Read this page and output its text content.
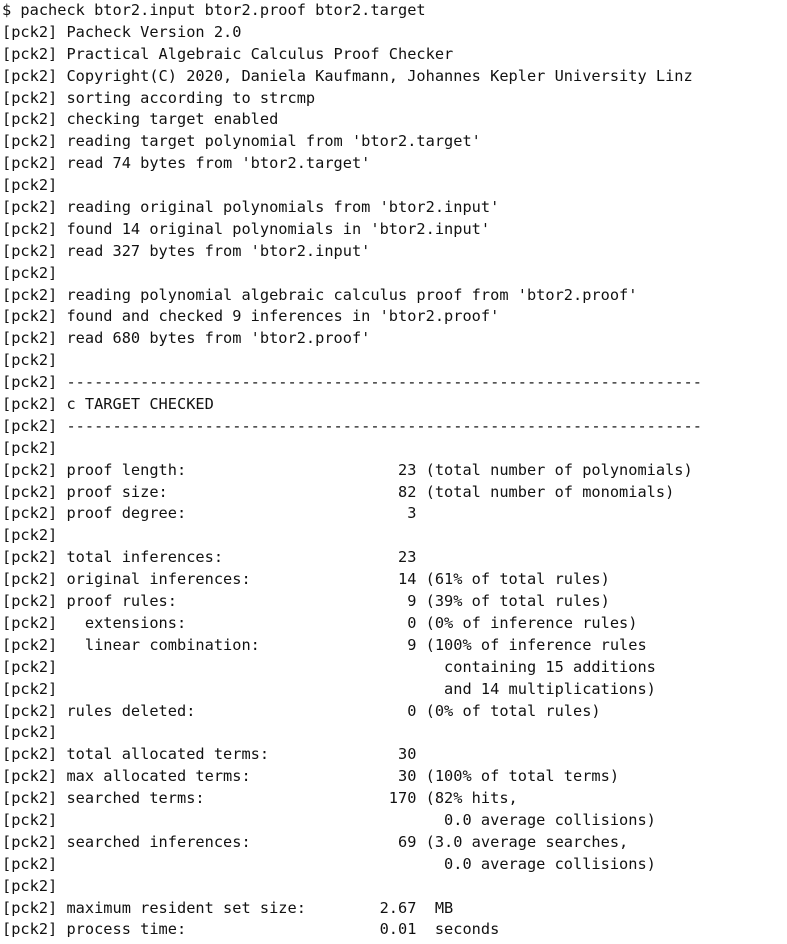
$ pacheck btor2.input btor2.proof btor2.target
[pck2] Pacheck Version 2.0
[pck2] Practical Algebraic Calculus Proof Checker
[pck2] Copyright(C) 2020, Daniela Kaufmann, Johannes Kepler University Linz
[pck2] sorting according to strcmp
[pck2] checking target enabled
[pck2] reading target polynomial from 'btor2.target'
[pck2] read 74 bytes from 'btor2.target'
[pck2]
[pck2] reading original polynomials from 'btor2.input'
[pck2] found 14 original polynomials in 'btor2.input'
[pck2] read 327 bytes from 'btor2.input'
[pck2]
[pck2] reading polynomial algebraic calculus proof from 'btor2.proof'
[pck2] found and checked 9 inferences in 'btor2.proof'
[pck2] read 680 bytes from 'btor2.proof'
[pck2]
[pck2] ---------------------------------------------------------------------
[pck2] c TARGET CHECKED
[pck2] ---------------------------------------------------------------------
[pck2]
[pck2] proof length:                       23 (total number of polynomials)
[pck2] proof size:                         82 (total number of monomials)
[pck2] proof degree:                        3
[pck2]
[pck2] total inferences:                   23
[pck2] original inferences:                14 (61% of total rules)
[pck2] proof rules:                         9 (39% of total rules)
[pck2]   extensions:                        0 (0% of inference rules)
[pck2]   linear combination:                9 (100% of inference rules
[pck2]                                          containing 15 additions
[pck2]                                          and 14 multiplications)
[pck2] rules deleted:                       0 (0% of total rules)
[pck2]
[pck2] total allocated terms:              30
[pck2] max allocated terms:                30 (100% of total terms)
[pck2] searched terms:                    170 (82% hits,
[pck2]                                          0.0 average collisions)
[pck2] searched inferences:                69 (3.0 average searches,
[pck2]                                          0.0 average collisions)
[pck2]
[pck2] maximum resident set size:        2.67  MB
[pck2] process time:                     0.01  seconds
